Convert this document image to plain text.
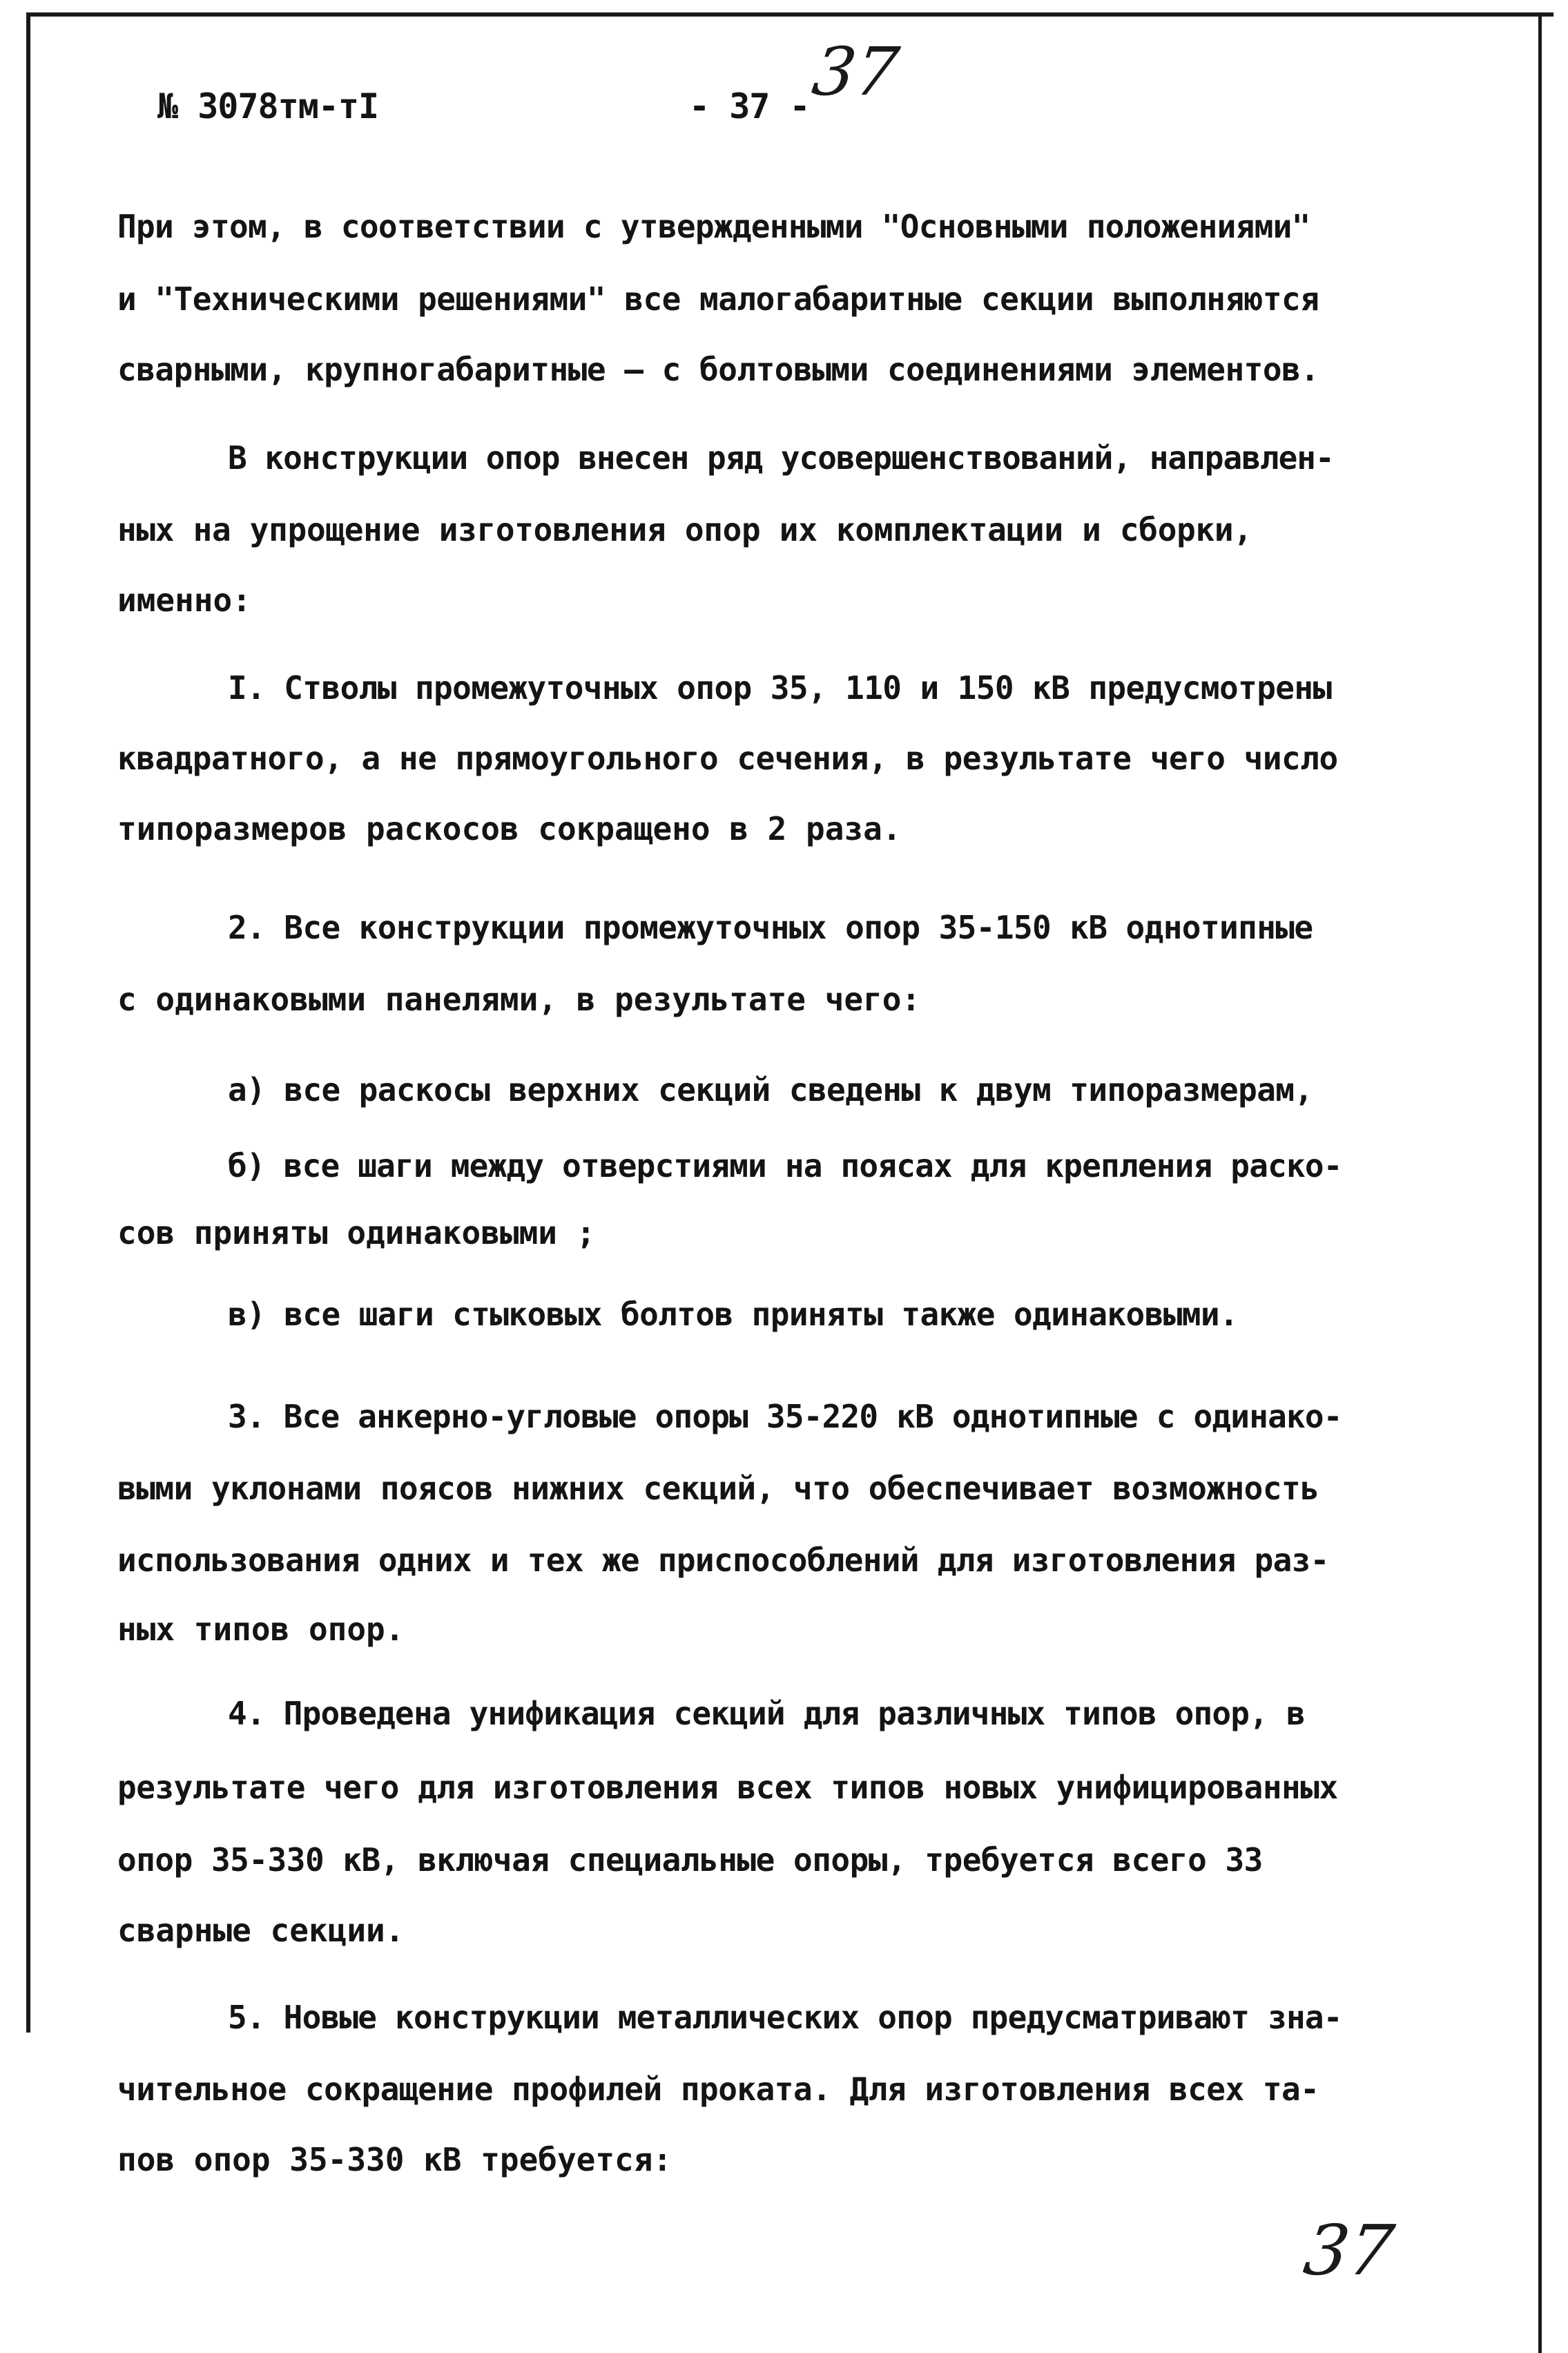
№ 3078тм-тI	- 37 -
37
37
При этом, в соответствии с утвержденными "Основными положениями"
и "Техническими решениями" все малогабаритные секции выполняются
сварными, крупногабаритные – с болтовыми соединениями элементов.
В конструкции опор внесен ряд усовершенствований, направлен-
ных на упрощение изготовления опор их комплектации и сборки,
именно:
I. Стволы промежуточных опор 35, 110 и 150 кВ предусмотрены
квадратного, а не прямоугольного сечения, в результате чего число
типоразмеров раскосов сокращено в 2 раза.
2. Все конструкции промежуточных опор 35-150 кВ однотипные
с одинаковыми панелями, в результате чего:
а) все раскосы верхних секций сведены к двум типоразмерам,
б) все шаги между отверстиями на поясах для крепления раско-
сов приняты одинаковыми ;
в) все шаги стыковых болтов приняты также одинаковыми.
3. Все анкерно-угловые опоры 35-220 кВ однотипные с одинако-
выми уклонами поясов нижних секций, что обеспечивает возможность
использования одних и тех же приспособлений для изготовления раз-
ных типов опор.
4. Проведена унификация секций для различных типов опор, в
результате чего для изготовления всех типов новых унифицированных
опор 35-330 кВ, включая специальные опоры, требуется всего 33
сварные секции.
5. Новые конструкции металлических опор предусматривают зна-
чительное сокращение профилей проката. Для изготовления всех та-
пов опор 35-330 кВ требуется:
